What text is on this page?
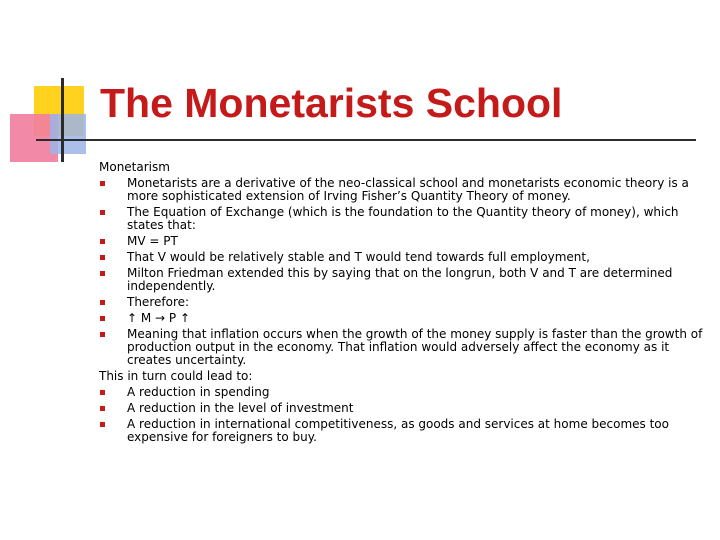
The Monetarists School

Monetarism

Monetarists are a derivative of the neo-classical school and monetarists economic theory is a more sophisticated extension of Irving Fisher’s Quantity Theory of money.
The Equation of Exchange (which is the foundation to the Quantity theory of money), which states that:
MV = PT
That V would be relatively stable and T would tend towards full employment,
Milton Friedman extended this by saying that on the longrun, both V and T are determined independently.
Therefore:
↑ M → P ↑
Meaning that inflation occurs when the growth of the money supply is faster than the growth of production output in the economy. That inflation would adversely affect the economy as it creates uncertainty.

This in turn could lead to:

A reduction in spending
A reduction in the level of investment
A reduction in international competitiveness, as goods and services at home becomes too expensive for foreigners to buy.
